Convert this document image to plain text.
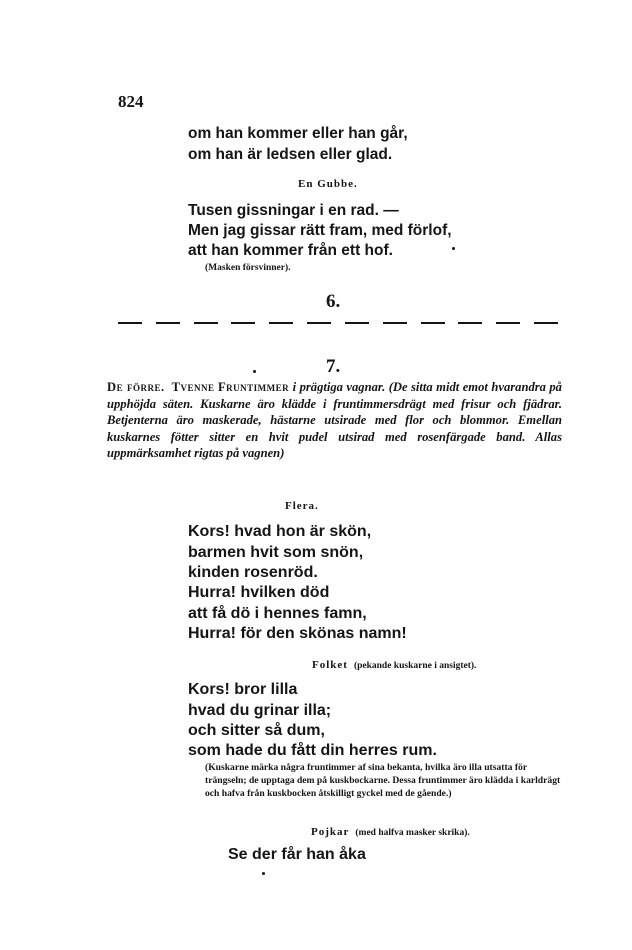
824
om han kommer eller han går,
om han är ledsen eller glad.
En Gubbe.
Tusen gissningar i en rad. —
Men jag gissar rätt fram, med förlof,
att han kommer från ett hof.
(Masken försvinner).
6.
7.
De förre. Tvenne Fruntimmer i prägtiga vagnar. (De sitta midt emot hvarandra på upphöjda säten. Kuskarne äro klädde i fruntimmersdrägt med frisur och fjädrar. Betjenterna äro maskerade, hästarne utsirade med flor och blommor. Emellan kuskarnes fötter sitter en hvit pudel utsirad med rosenfärgade band. Allas uppmärksamhet rigtas på vagnen)
Flera.
Kors! hvad hon är skön,
barmen hvit som snön,
kinden rosenröd.
Hurra! hvilken död
att få dö i hennes famn,
Hurra! för den skönas namn!
Folket (pekande kuskarne i ansigtet).
Kors! bror lilla
hvad du grinar illa;
och sitter så dum,
som hade du fått din herres rum.
(Kuskarne märka några fruntimmer af sina bekanta, hvilka äro illa utsatta för trängseln; de upptaga dem på kuskbockarne. Dessa fruntimmer äro klädda i karldrägt och hafva från kuskbocken åtskilligt gyckel med de gående.)
Pojkar (med halfva masker skrika).
Se der får han åka
